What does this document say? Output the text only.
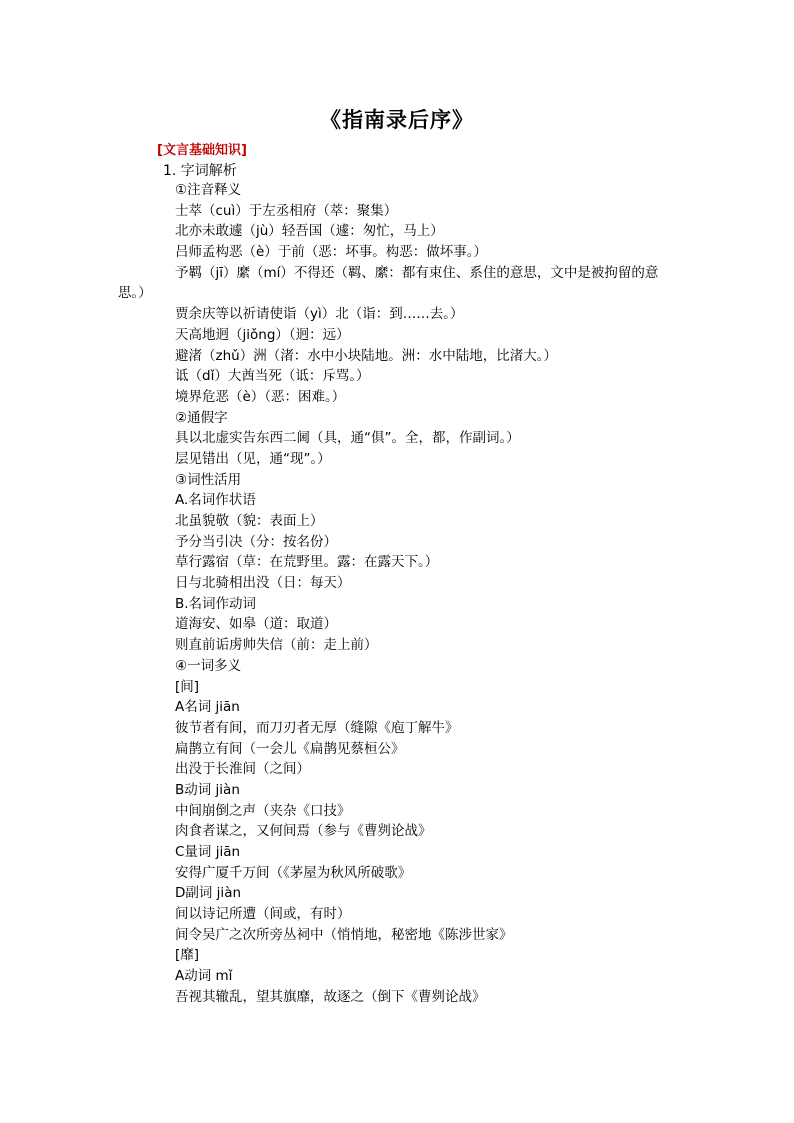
《指南录后序》
[文言基础知识]
1. 字词解析
①注音释义
士萃（cuì）于左丞相府（萃：聚集）
北亦未敢遽（jù）轻吾国（遽：匆忙，马上）
吕师孟构恶（è）于前（恶：坏事。构恶：做坏事。）
予羁（jī）縻（mí）不得还（羁、縻：都有束住、系住的意思，文中是被拘留的意
思。）
贾余庆等以祈请使诣（yì）北（诣：到……去。）
天高地迥（jiǒng）（迥：远）
避渚（zhǔ）洲（渚：水中小块陆地。洲：水中陆地，比渚大。）
诋（dǐ）大酋当死（诋：斥骂。）
境界危恶（è）（恶：困难。）
②通假字
具以北虚实告东西二阃（具，通“俱”。全，都，作副词。）
层见错出（见，通“现”。）
③词性活用
A.名词作状语
北虽貌敬（貌：表面上）
予分当引决（分：按名份）
草行露宿（草：在荒野里。露：在露天下。）
日与北骑相出没（日：每天）
B.名词作动词
道海安、如皋（道：取道）
则直前诟虏帅失信（前：走上前）
④一词多义
[间]
A名词 jiān
彼节者有间，而刀刃者无厚（缝隙《庖丁解牛》
扁鹊立有间（一会儿《扁鹊见蔡桓公》
出没于长淮间（之间）
B动词 jiàn
中间崩倒之声（夹杂《口技》
肉食者谋之，又何间焉（参与《曹刿论战》
C量词 jiān
安得广厦千万间（《茅屋为秋风所破歌》
D副词 jiàn
间以诗记所遭（间或，有时）
间令吴广之次所旁丛祠中（悄悄地，秘密地《陈涉世家》
[靡]
A动词 mǐ
吾视其辙乱，望其旗靡，故逐之（倒下《曹刿论战》
